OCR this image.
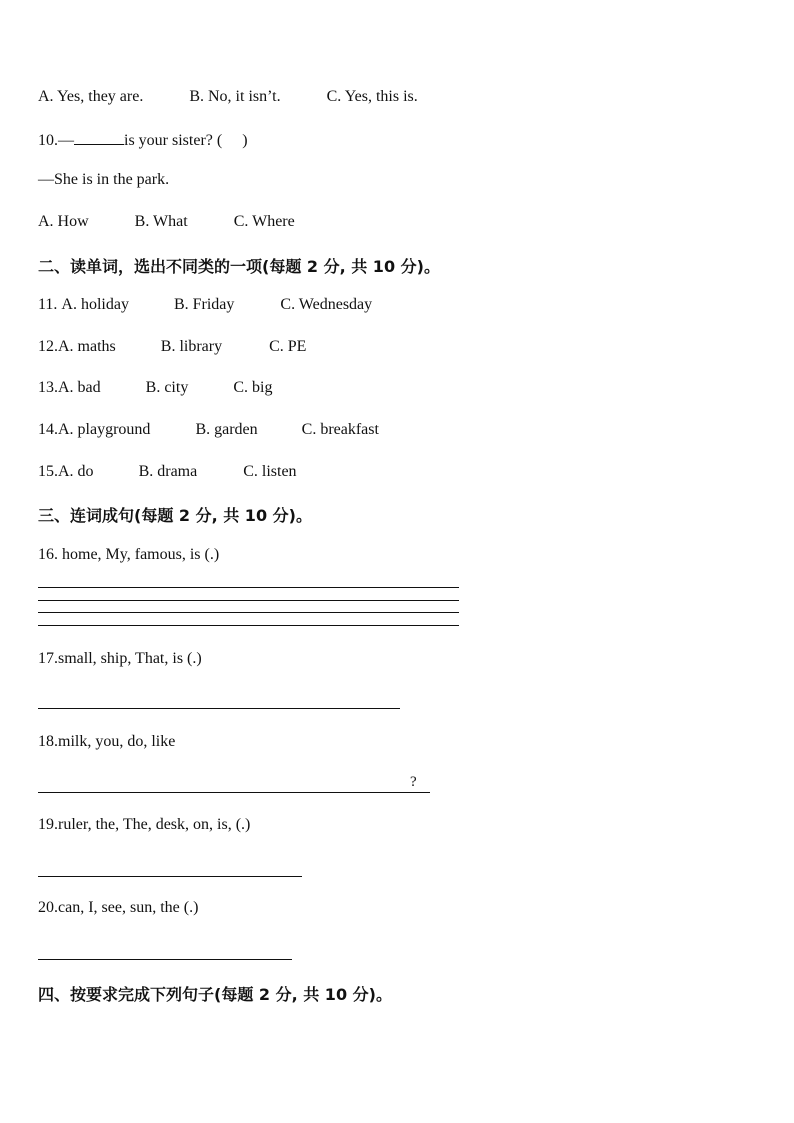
A. Yes, they are.	B. No, it isn’t.	C. Yes, this is.
10.—	is your sister? ( )
—She is in the park.
A. How	B. What	C. Where
二、读单词，选出不同类的一项(每题 2 分, 共 10 分)。
11. A. holiday	B. Friday	C. Wednesday
12.A. maths	B. library	C. PE
13.A. bad	B. city	C. big
14.A. playground	B. garden	C. breakfast
15.A. do	B. drama	C. listen
三、连词成句(每题 2 分, 共 10 分)。
16. home, My, famous, is (.)
17.small, ship, That, is (.)
18.milk, you, do, like
?
19.ruler, the, The, desk, on, is, (.)
20.can, I, see, sun, the (.)
四、按要求完成下列句子(每题 2 分, 共 10 分)。
